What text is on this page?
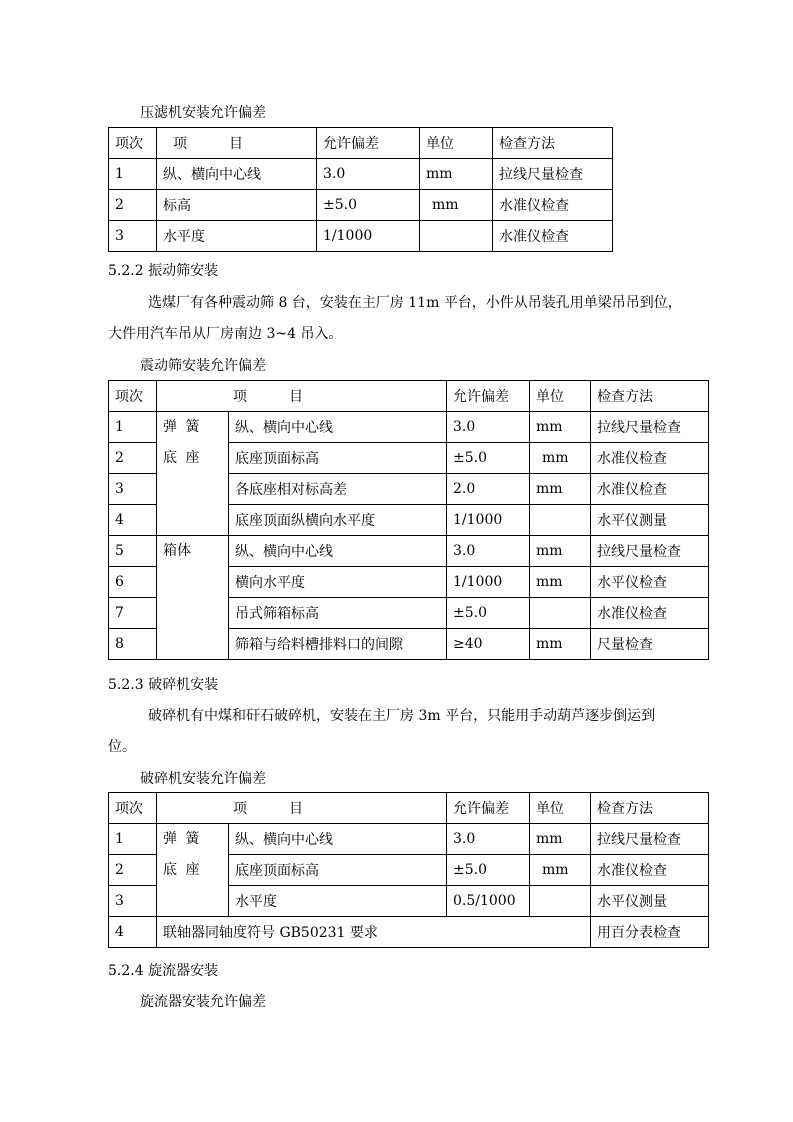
压滤机安装允许偏差
项次	项　　　目	允许偏差	单位	检查方法
1	纵、横向中心线	3.0	mm	拉线尺量检查
2	标高	±5.0	mm	水准仪检查
3	水平度	1/1000		水准仪检查
5.2.2 振动筛安装
选煤厂有各种震动筛 8 台，安装在主厂房 11m 平台，小件从吊装孔用单梁吊吊到位，
大件用汽车吊从厂房南边 3~4 吊入。
震动筛安装允许偏差
项次	项　　　目		允许偏差	单位	检查方法
1	弹 簧 底 座	纵、横向中心线	3.0	mm	拉线尺量检查
2		底座顶面标高	±5.0	mm	水准仪检查
3		各底座相对标高差	2.0	mm	水准仪检查
4		底座顶面纵横向水平度	1/1000		水平仪测量
5	箱体	纵、横向中心线	3.0	mm	拉线尺量检查
6		横向水平度	1/1000	mm	水平仪检查
7		吊式筛箱标高	±5.0		水准仪检查
8		筛箱与给料槽排料口的间隙	≥40	mm	尺量检查
5.2.3 破碎机安装
破碎机有中煤和矸石破碎机，安装在主厂房 3m 平台，只能用手动葫芦逐步倒运到
位。
破碎机安装允许偏差
项次	项　　　目		允许偏差	单位	检查方法
1	弹 簧 底 座	纵、横向中心线	3.0	mm	拉线尺量检查
2		底座顶面标高	±5.0	mm	水准仪检查
3		水平度	0.5/1000		水平仪测量
4	联轴器同轴度符号 GB50231 要求				用百分表检查
5.2.4 旋流器安装
旋流器安装允许偏差
